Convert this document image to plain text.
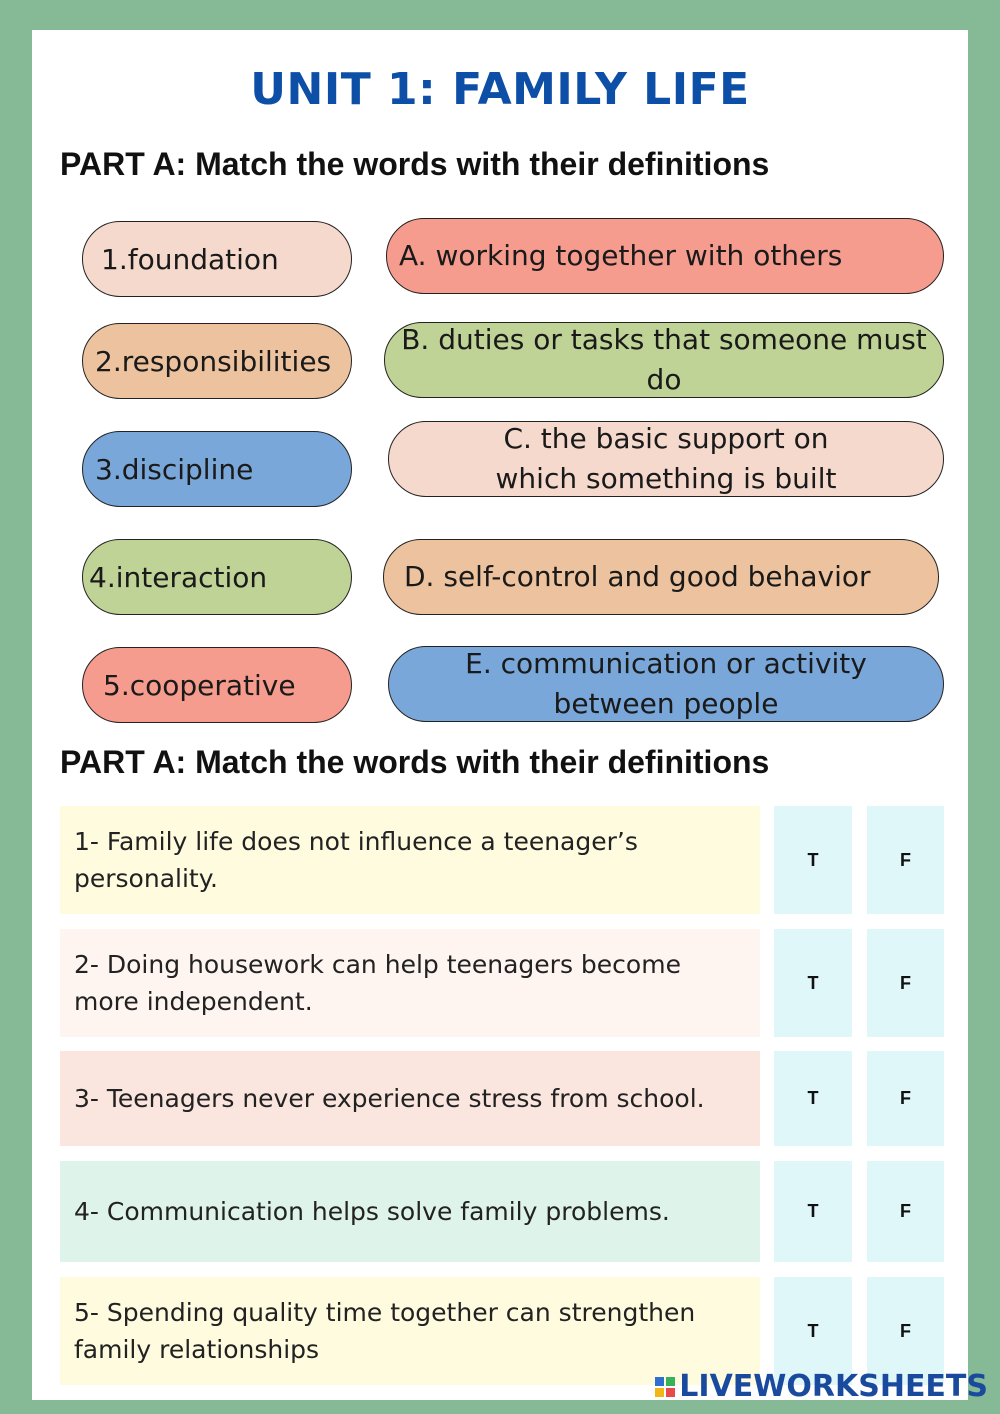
UNIT 1: FAMILY LIFE
PART A: Match the words with their definitions
1.foundation
2.responsibilities
3.discipline
4.interaction
5.cooperative
A. working together with others
B. duties or tasks that someone must do
C. the basic support on which something is built
D. self-control and good behavior
E. communication or activity between people
PART A: Match the words with their definitions
1- Family life does not influence a teenager’s personality.
T	F
2- Doing housework can help teenagers become more independent.
T	F
3- Teenagers never experience stress from school.	T	F
4- Communication helps solve family problems.	T	F
5- Spending quality time together can strengthen family relationships
T	F
LIVEWORKSHEETS
